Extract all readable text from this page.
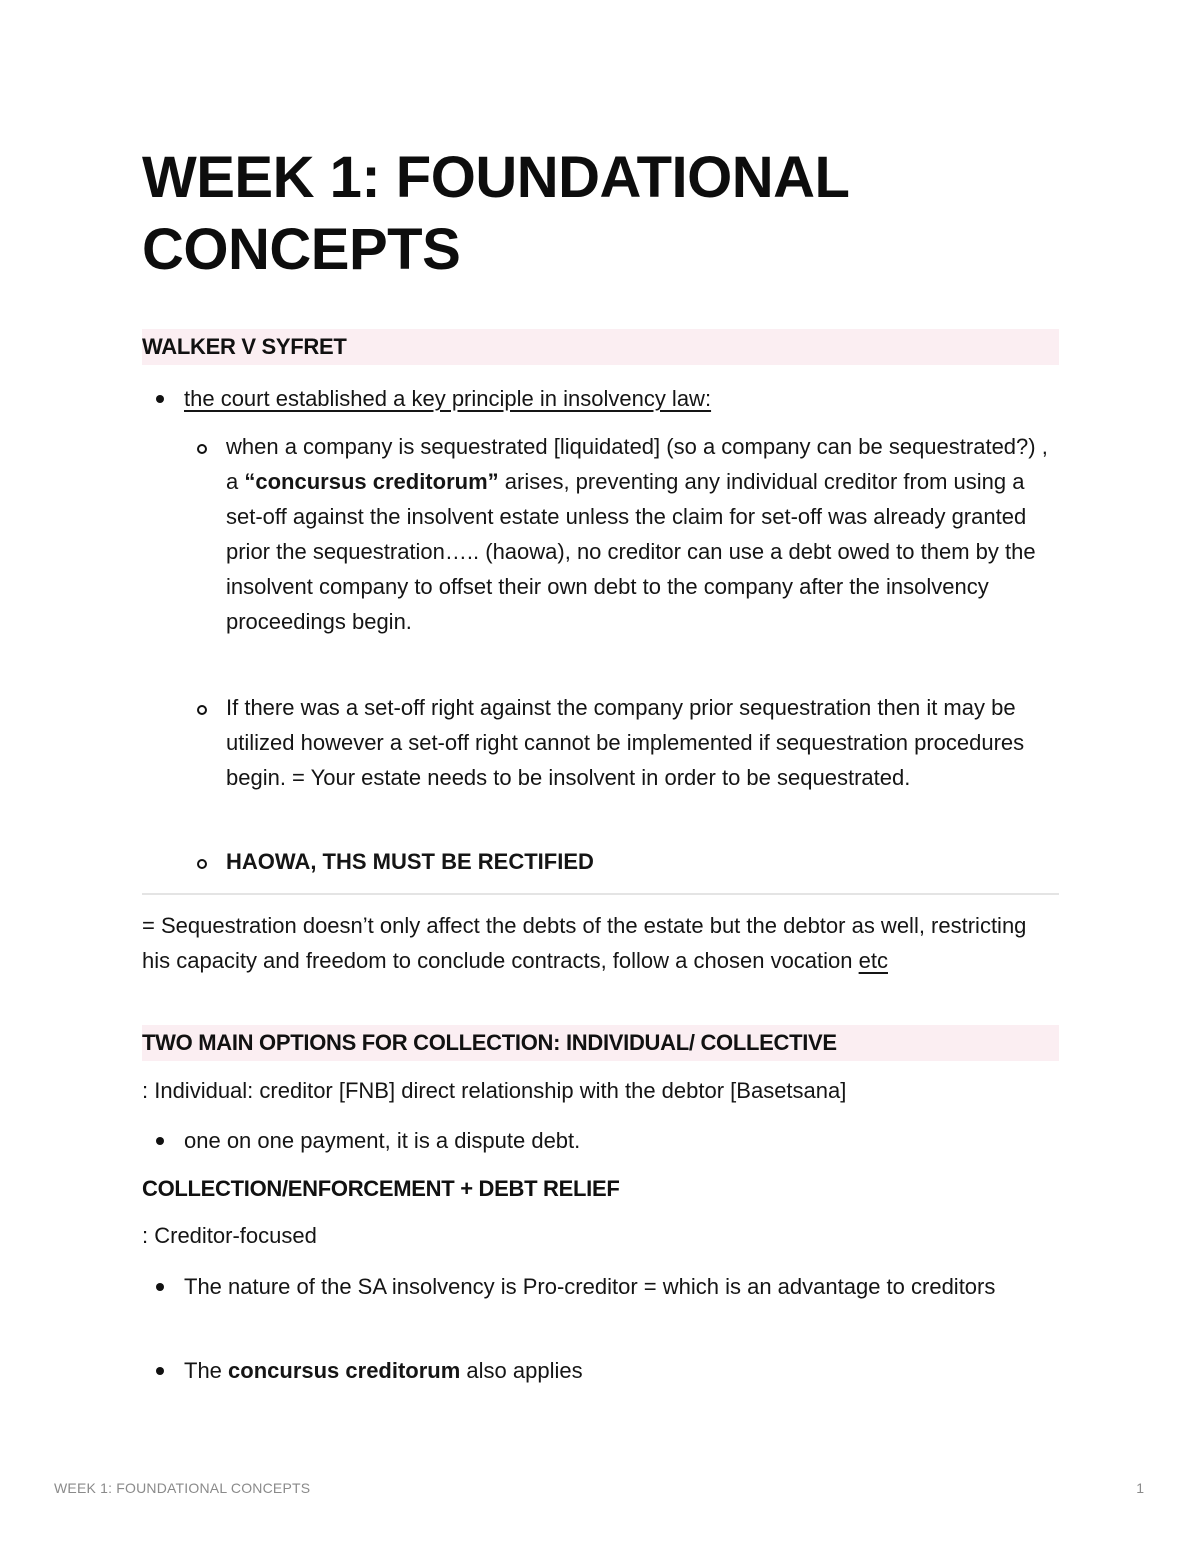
WEEK 1: FOUNDATIONAL
CONCEPTS
WALKER V SYFRET
the court established a key principle in insolvency law:
when a company is sequestrated [liquidated] (so a company can be sequestrated?) , a “concursus creditorum” arises, preventing any individual creditor from using a set-off against the insolvent estate unless the claim for set-off was already granted prior the sequestration….. (haowa), no creditor can use a debt owed to them by the insolvent company to offset their own debt to the company after the insolvency proceedings begin.
If there was a set-off right against the company prior sequestration then it may be utilized however a set-off right cannot be implemented if sequestration procedures begin. = Your estate needs to be insolvent in order to be sequestrated.
HAOWA, THS MUST BE RECTIFIED
= Sequestration doesn’t only affect the debts of the estate but the debtor as well, restricting his capacity and freedom to conclude contracts, follow a chosen vocation etc
TWO MAIN OPTIONS FOR COLLECTION: INDIVIDUAL/ COLLECTIVE
: Individual: creditor [FNB] direct relationship with the debtor [Basetsana]
one on one payment, it is a dispute debt.
COLLECTION/ENFORCEMENT + DEBT RELIEF
: Creditor-focused
The nature of the SA insolvency is Pro-creditor = which is an advantage to creditors
The concursus creditorum also applies
WEEK 1: FOUNDATIONAL CONCEPTS	1
